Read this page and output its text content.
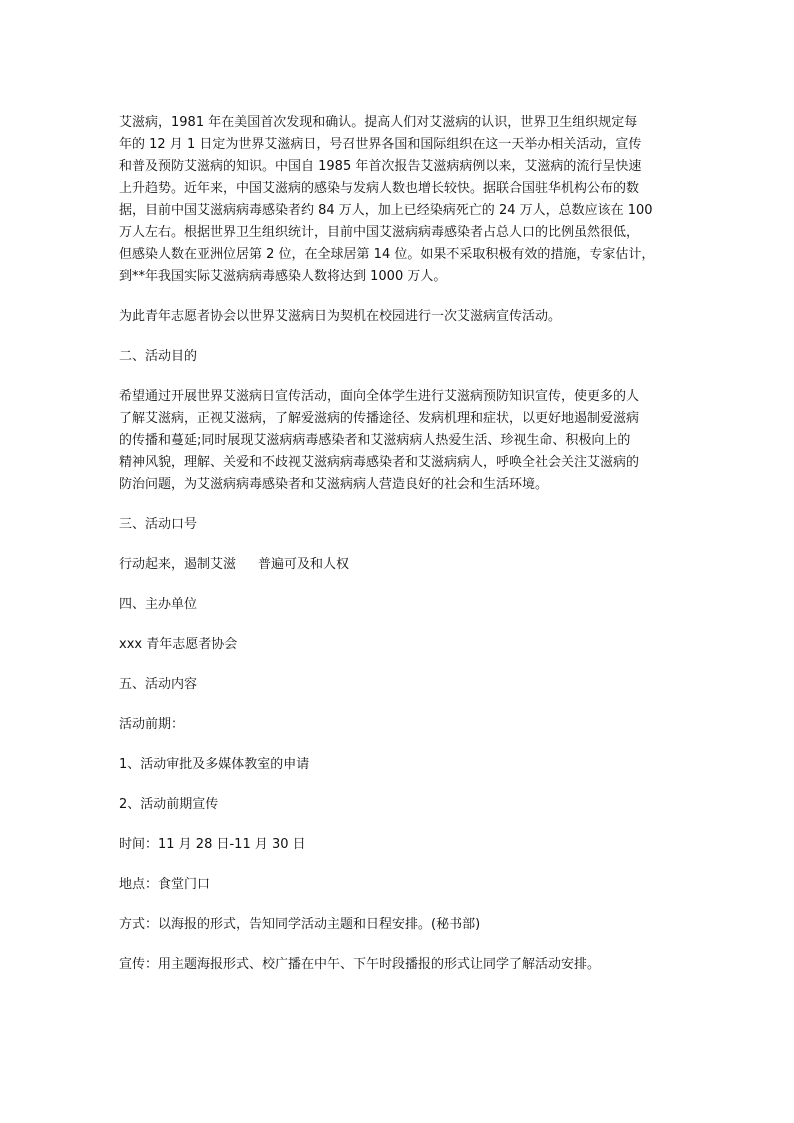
艾滋病，1981 年在美国首次发现和确认。提高人们对艾滋病的认识，世界卫生组织规定每
年的 12 月 1 日定为世界艾滋病日，号召世界各国和国际组织在这一天举办相关活动，宣传
和普及预防艾滋病的知识。中国自 1985 年首次报告艾滋病病例以来，艾滋病的流行呈快速
上升趋势。近年来，中国艾滋病的感染与发病人数也增长较快。据联合国驻华机构公布的数
据，目前中国艾滋病病毒感染者约 84 万人，加上已经染病死亡的 24 万人，总数应该在 100
万人左右。根据世界卫生组织统计，目前中国艾滋病病毒感染者占总人口的比例虽然很低，
但感染人数在亚洲位居第 2 位，在全球居第 14 位。如果不采取积极有效的措施，专家估计，
到**年我国实际艾滋病病毒感染人数将达到 1000 万人。
为此青年志愿者协会以世界艾滋病日为契机在校园进行一次艾滋病宣传活动。
二、活动目的
希望通过开展世界艾滋病日宣传活动，面向全体学生进行艾滋病预防知识宣传，使更多的人
了解艾滋病，正视艾滋病，了解爱滋病的传播途径、发病机理和症状，以更好地遏制爱滋病
的传播和蔓延;同时展现艾滋病病毒感染者和艾滋病病人热爱生活、珍视生命、积极向上的
精神风貌，理解、关爱和不歧视艾滋病病毒感染者和艾滋病病人，呼唤全社会关注艾滋病的
防治问题，为艾滋病病毒感染者和艾滋病病人营造良好的社会和生活环境。
三、活动口号
行动起来，遏制艾滋 普遍可及和人权
四、主办单位
xxx 青年志愿者协会
五、活动内容
活动前期：
1、活动审批及多媒体教室的申请
2、活动前期宣传
时间：11 月 28 日-11 月 30 日
地点：食堂门口
方式：以海报的形式，告知同学活动主题和日程安排。(秘书部)
宣传：用主题海报形式、校广播在中午、下午时段播报的形式让同学了解活动安排。
